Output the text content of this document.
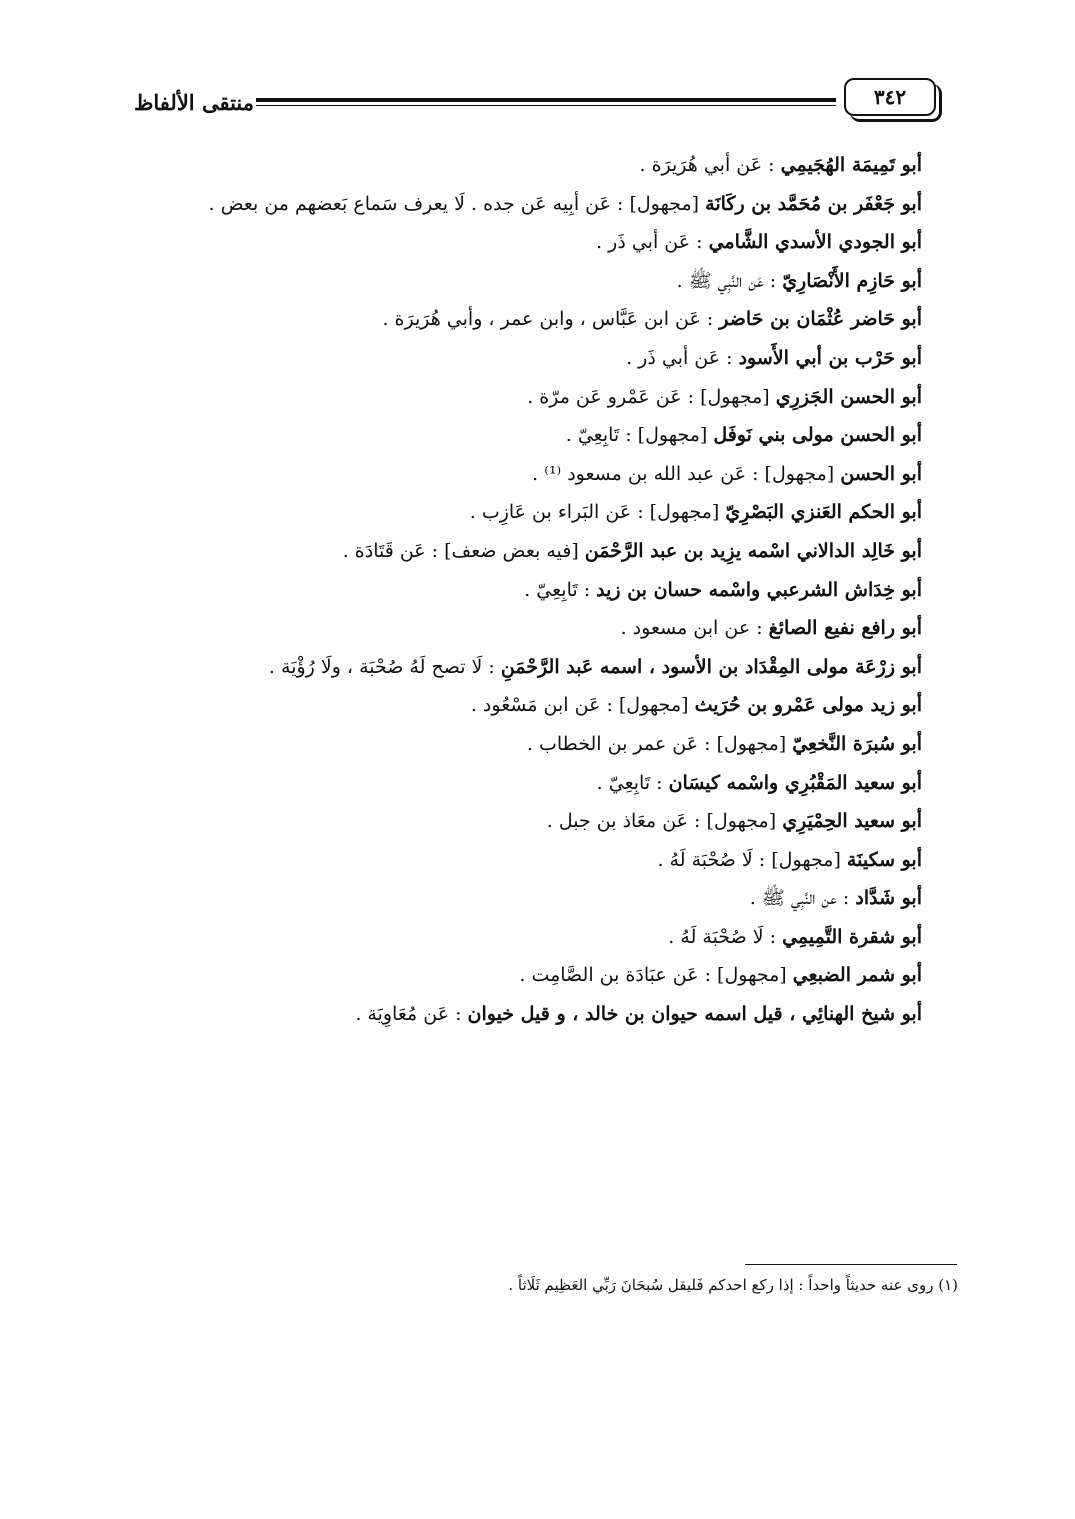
منتقى الألفاظ	٣٤٢
أبو تَمِيمَة الهُجَيمِي : عَن أبي هُرَيرَة .
أبو جَعْفَر بن مُحَمَّد بن ركَانَة [مجهول] : عَن أبِيه عَن جده . لَا يعرف سَماع بَعضهم من بعض .
أبو الجودي الأسدي الشَّامي : عَن أبي ذَر .
أبو حَازِم الأَنْصَارِيّ : عَن النَّبِي ﷺ .
أبو حَاضر عُثْمَان بن حَاضر : عَن ابن عَبَّاس ، وابن عمر ، وأبي هُرَيرَة .
أبو حَرْب بن أبي الأَسود : عَن أبي ذَر .
أبو الحسن الجَزرِي [مجهول] : عَن عَمْرو عَن مرّة .
أبو الحسن مولى بني نَوفَل [مجهول] : تَابِعِيّ .
أبو الحسن [مجهول] : عَن عبد الله بن مسعود ⁽¹⁾ .
أبو الحكم العَنزي البَصْرِيّ [مجهول] : عَن البَراء بن عَازِب .
أبو خَالِد الدالاني اسْمه يزِيد بن عبد الرَّحْمَن [فيه بعض ضعف] : عَن قَتَادَة .
أبو خِدَاش الشرعبي واسْمه حسان بن زيد : تَابِعِيّ .
أبو رافع نفيع الصائغ : عن ابن مسعود .
أبو زرْعَة مولى المِقْدَاد بن الأسود ، اسمه عَبد الرَّحْمَنِ : لَا تصح لَهُ صُحْبَة ، ولَا رُؤْيَة .
أبو زيد مولى عَمْرو بن حُرَيث [مجهول] : عَن ابن مَسْعُود .
أبو سُبرَة النَّخعِيّ [مجهول] : عَن عمر بن الخطاب .
أبو سعيد المَقْبُرِي واسْمه كيسَان : تَابِعِيّ .
أبو سعيد الحِمْيَرِي [مجهول] : عَن معَاذ بن جبل .
أبو سكينَة [مجهول] : لَا صُحْبَة لَهُ .
أبو شَدَّاد : عن النَّبِي ﷺ .
أبو شقرة التَّمِيمِي : لَا صُحْبَة لَهُ .
أبو شمر الضبعِي [مجهول] : عَن عبَادَة بن الصَّامِت .
أبو شيخ الهنائِي ، قيل اسمه حيوان بن خالد ، و قيل خيوان : عَن مُعَاوِيَة .
(١) روى عنه حديثاً واحداً : إذا ركع احدكم فَليقل سُبحَانَ رَبِّي العَظِيم ثَلَاثاً .
